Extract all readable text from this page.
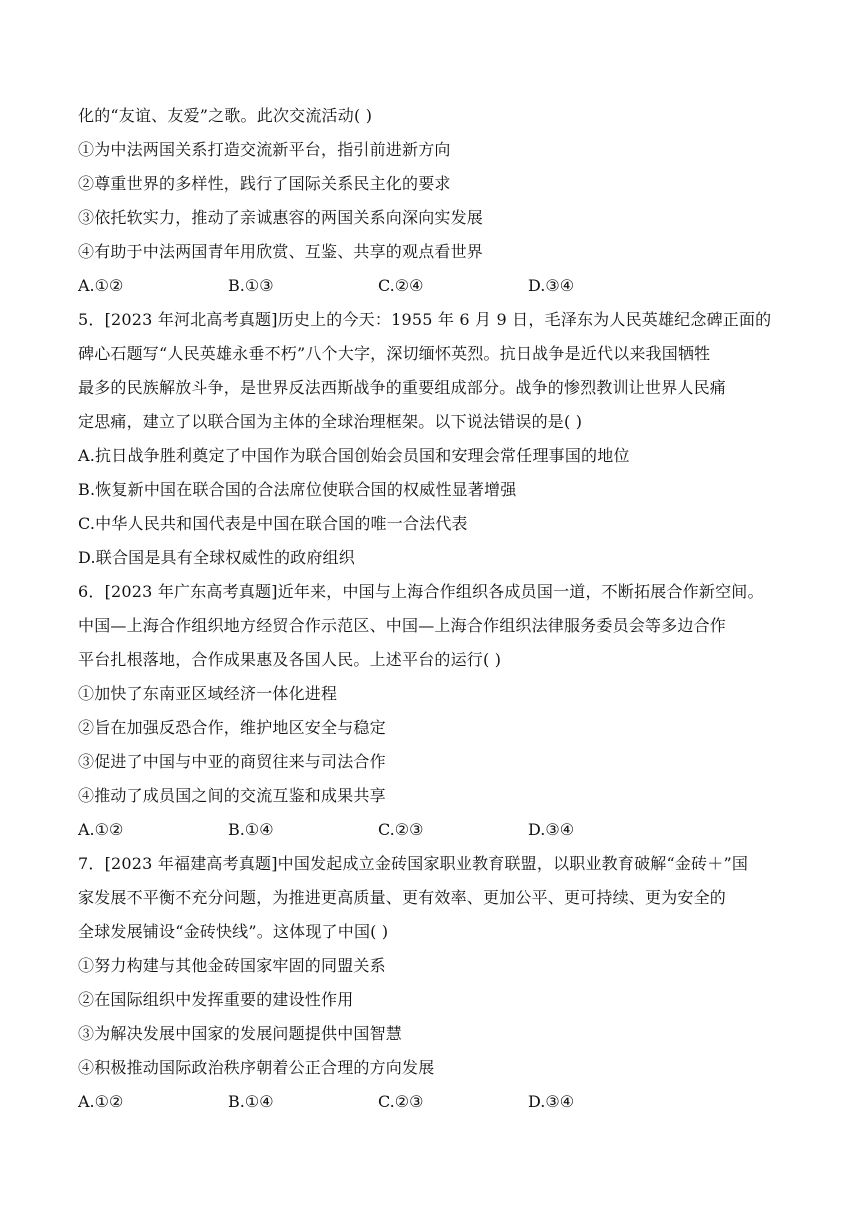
化的“友谊、友爱”之歌。此次交流活动( )
①为中法两国关系打造交流新平台，指引前进新方向
②尊重世界的多样性，践行了国际关系民主化的要求
③依托软实力，推动了亲诚惠容的两国关系向深向实发展
④有助于中法两国青年用欣赏、互鉴、共享的观点看世界
A.①②	B.①③	C.②④	D.③④
5．[2023 年河北高考真题]历史上的今天：1955 年 6 月 9 日，毛泽东为人民英雄纪念碑正面的
碑心石题写“人民英雄永垂不朽”八个大字，深切缅怀英烈。抗日战争是近代以来我国牺牲
最多的民族解放斗争，是世界反法西斯战争的重要组成部分。战争的惨烈教训让世界人民痛
定思痛，建立了以联合国为主体的全球治理框架。以下说法错误的是( )
A.抗日战争胜利奠定了中国作为联合国创始会员国和安理会常任理事国的地位
B.恢复新中国在联合国的合法席位使联合国的权威性显著增强
C.中华人民共和国代表是中国在联合国的唯一合法代表
D.联合国是具有全球权威性的政府组织
6．[2023 年广东高考真题]近年来，中国与上海合作组织各成员国一道，不断拓展合作新空间。
中国—上海合作组织地方经贸合作示范区、中国—上海合作组织法律服务委员会等多边合作
平台扎根落地，合作成果惠及各国人民。上述平台的运行( )
①加快了东南亚区域经济一体化进程
②旨在加强反恐合作，维护地区安全与稳定
③促进了中国与中亚的商贸往来与司法合作
④推动了成员国之间的交流互鉴和成果共享
A.①②	B.①④	C.②③	D.③④
7．[2023 年福建高考真题]中国发起成立金砖国家职业教育联盟，以职业教育破解“金砖＋”国
家发展不平衡不充分问题，为推进更高质量、更有效率、更加公平、更可持续、更为安全的
全球发展铺设“金砖快线”。这体现了中国( )
①努力构建与其他金砖国家牢固的同盟关系
②在国际组织中发挥重要的建设性作用
③为解决发展中国家的发展问题提供中国智慧
④积极推动国际政治秩序朝着公正合理的方向发展
A.①②	B.①④	C.②③	D.③④
